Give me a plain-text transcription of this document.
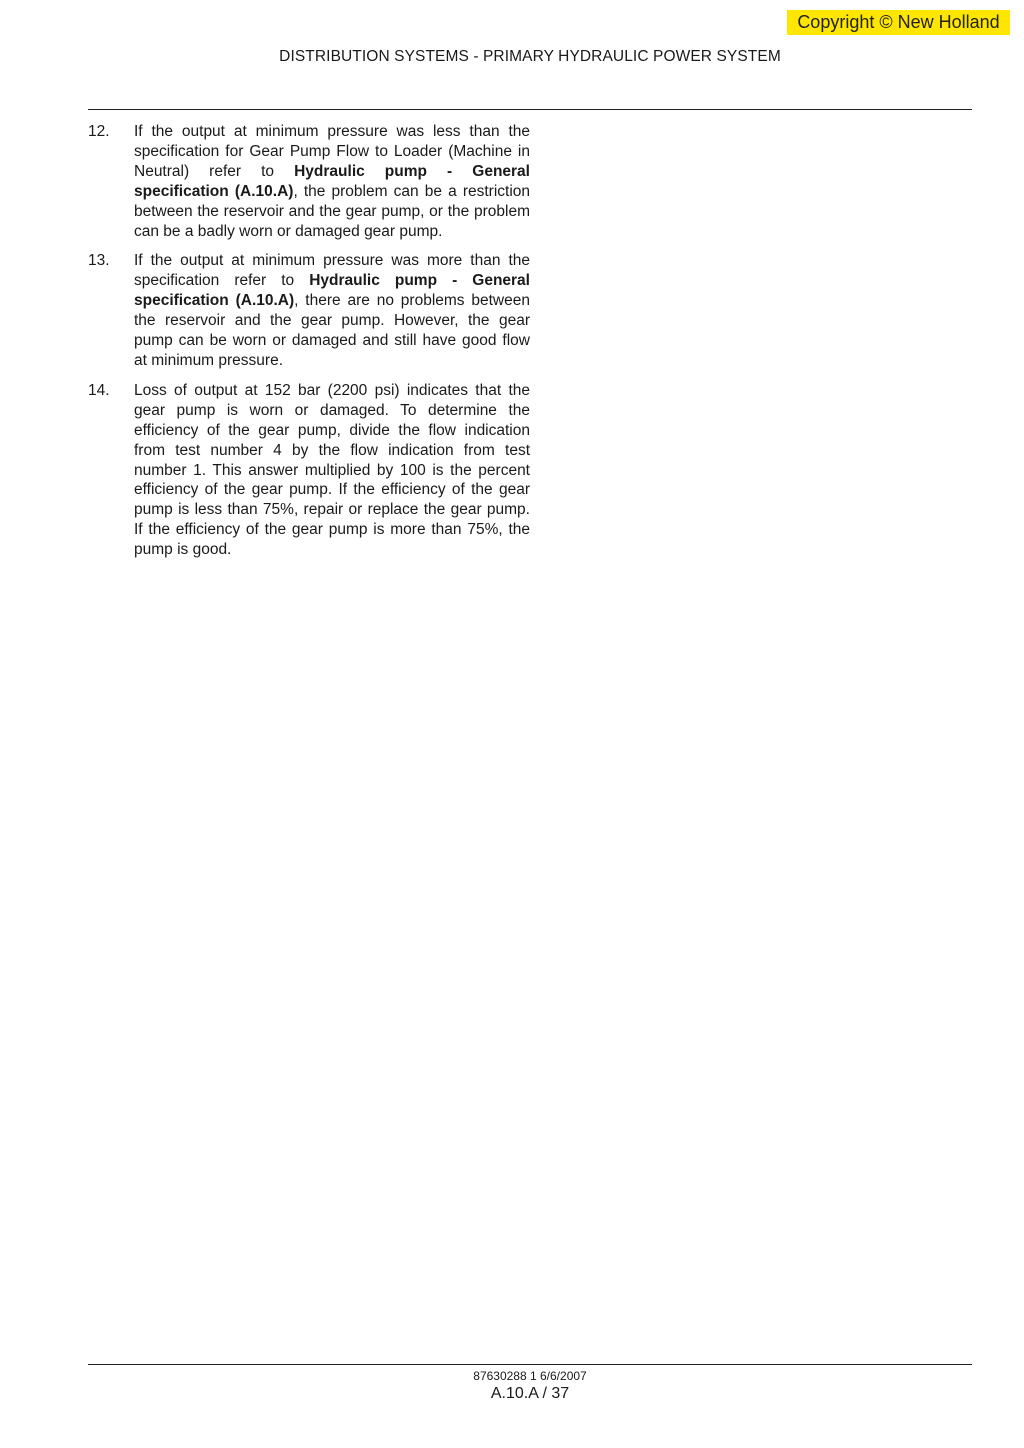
Copyright © New Holland
DISTRIBUTION SYSTEMS - PRIMARY HYDRAULIC POWER SYSTEM
12.	If the output at minimum pressure was less than the specification for Gear Pump Flow to Loader (Machine in Neutral) refer to Hydraulic pump - General specification (A.10.A), the problem can be a restriction between the reservoir and the gear pump, or the problem can be a badly worn or damaged gear pump.
13.	If the output at minimum pressure was more than the specification refer to Hydraulic pump - General specification (A.10.A), there are no problems between the reservoir and the gear pump. However, the gear pump can be worn or damaged and still have good flow at minimum pressure.
14.	Loss of output at 152 bar (2200 psi) indicates that the gear pump is worn or damaged. To determine the efficiency of the gear pump, divide the flow indication from test number 4 by the flow indication from test number 1. This answer multiplied by 100 is the percent efficiency of the gear pump. If the efficiency of the gear pump is less than 75%, repair or replace the gear pump. If the efficiency of the gear pump is more than 75%, the pump is good.
87630288 1 6/6/2007
A.10.A / 37
